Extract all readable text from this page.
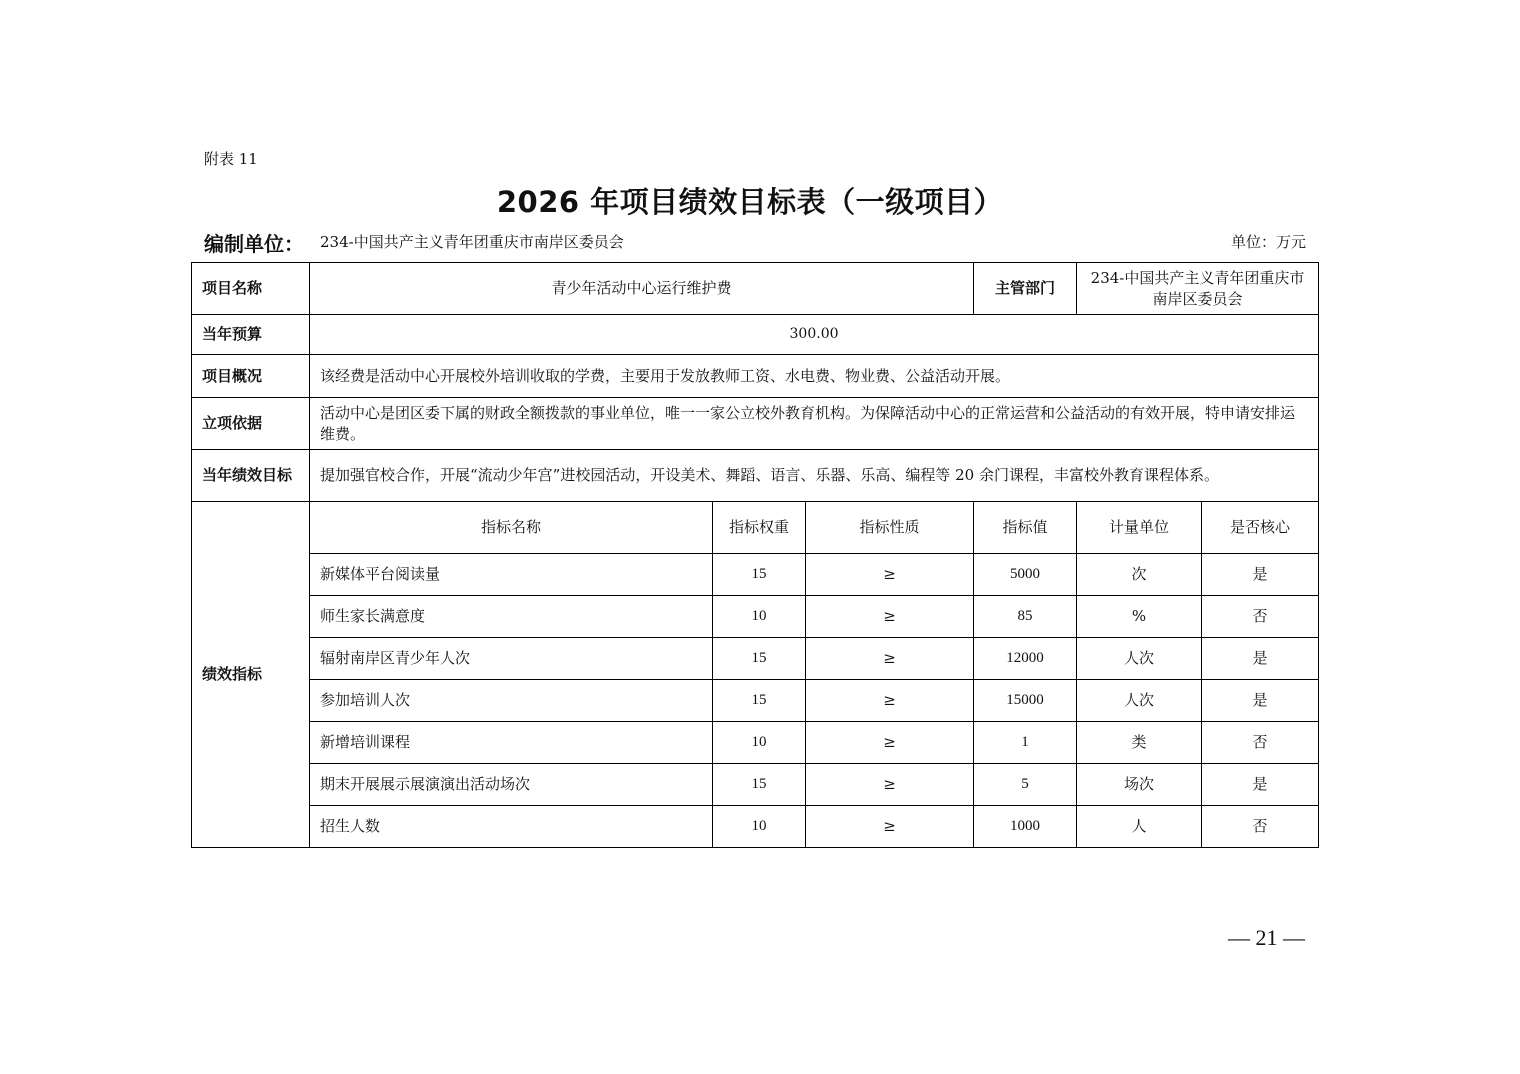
附表 11
2026 年项目绩效目标表（一级项目）
编制单位： 234-中国共产主义青年团重庆市南岸区委员会	单位：万元
项目名称	青少年活动中心运行维护费			主管部门	234-中国共产主义青年团重庆市南岸区委员会	
当年预算	300.00					
项目概况	该经费是活动中心开展校外培训收取的学费，主要用于发放教师工资、水电费、物业费、公益活动开展。					
立项依据	活动中心是团区委下属的财政全额拨款的事业单位，唯一一家公立校外教育机构。为保障活动中心的正常运营和公益活动的有效开展，特申请安排运维费。					
当年绩效目标	提加强官校合作，开展“流动少年宫”进校园活动，开设美术、舞蹈、语言、乐器、乐高、编程等 20 余门课程，丰富校外教育课程体系。					
绩效指标	指标名称	指标权重	指标性质	指标值	计量单位	是否核心
	新媒体平台阅读量	15	≥	5000	次	是
	师生家长满意度	10	≥	85	%	否
	辐射南岸区青少年人次	15	≥	12000	人次	是
	参加培训人次	15	≥	15000	人次	是
	新增培训课程	10	≥	1	类	否
	期末开展展示展演演出活动场次	15	≥	5	场次	是
	招生人数	10	≥	1000	人	否
— 21 —
